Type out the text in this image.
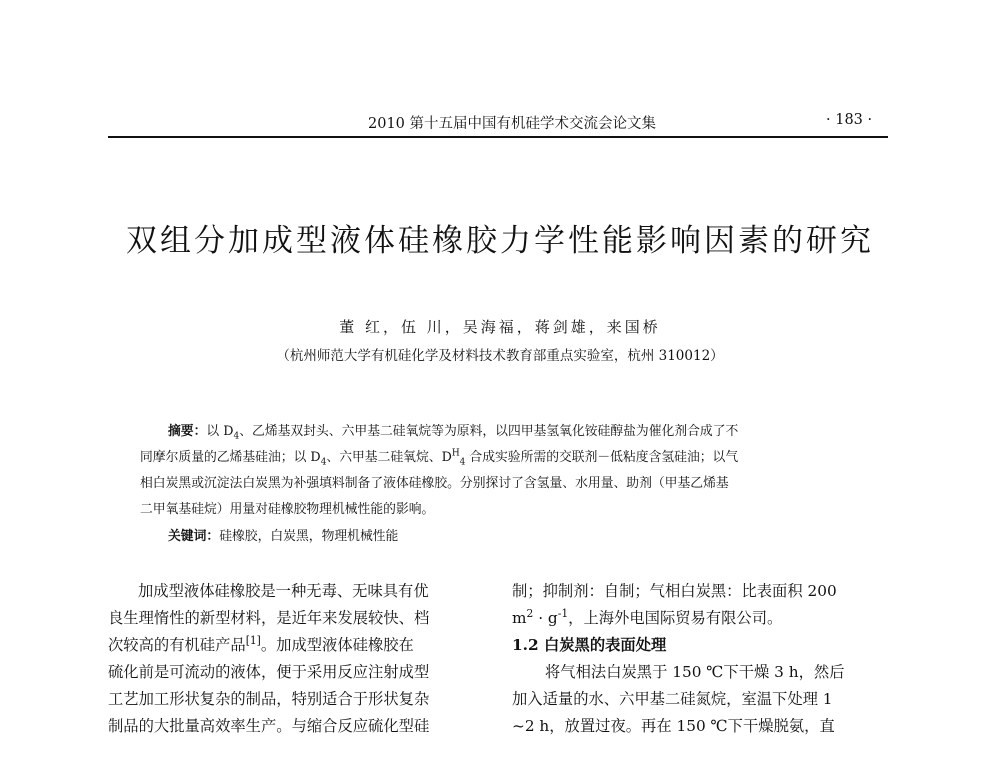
2010 第十五届中国有机硅学术交流会论文集	· 183 ·
双组分加成型液体硅橡胶力学性能影响因素的研究
董 红，伍 川，吴海福，蒋剑雄，来国桥
（杭州师范大学有机硅化学及材料技术教育部重点实验室，杭州 310012）
摘要：以 $D_4$、乙烯基双封头、六甲基二硅氧烷等为原料，以四甲基氢氧化铵硅醇盐为催化剂合成了不
同摩尔质量的乙烯基硅油；以 $D_4$、六甲基二硅氧烷、$D^H_4$ 合成实验所需的交联剂－低粘度含氢硅油；以气
相白炭黑或沉淀法白炭黑为补强填料制备了液体硅橡胶。分别探讨了含氢量、水用量、助剂（甲基乙烯基
二甲氧基硅烷）用量对硅橡胶物理机械性能的影响。
关键词：硅橡胶，白炭黑，物理机械性能
加成型液体硅橡胶是一种无毒、无味具有优
良生理惰性的新型材料，是近年来发展较快、档
次较高的有机硅产品[1]。加成型液体硅橡胶在
硫化前是可流动的液体，便于采用反应注射成型
工艺加工形状复杂的制品，特别适合于形状复杂
制品的大批量高效率生产。与缩合反应硫化型硅
制；抑制剂：自制；气相白炭黑：比表面积 200
$m^2 \cdot g^{-1}$，上海外电国际贸易有限公司。
1.2 白炭黑的表面处理
将气相法白炭黑于 150 ℃下干燥 3 h，然后
加入适量的水、六甲基二硅氮烷，室温下处理 1
~2 h，放置过夜。再在 150 ℃下干燥脱氨，直
